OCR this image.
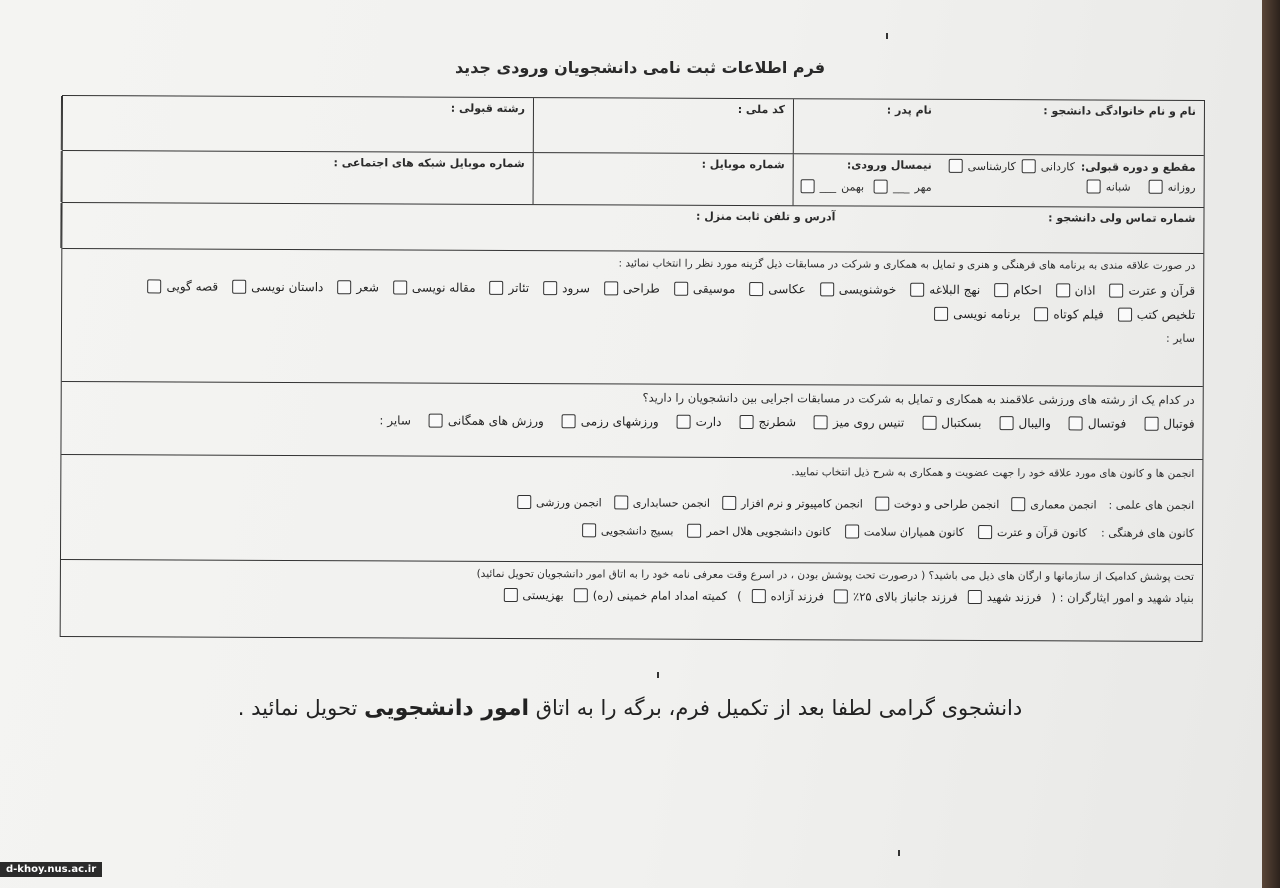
فرم اطلاعات ثبت نامی دانشجویان ورودی جدید
نام و نام خانوادگی دانشجو :
نام پدر :
کد ملی :
رشته قبولی :
مقطع و دوره قبولی:
کاردانی
کارشناسی
روزانه
شبانه
نیمسال ورودی:
مهر
___
بهمن
___
شماره موبایل :
شماره موبایل شبکه های اجتماعی :
شماره تماس ولی دانشجو :
آدرس و تلفن ثابت منزل :
در صورت علاقه مندی به برنامه های فرهنگی و هنری و تمایل به همکاری و شرکت در مسابقات ذیل گزینه مورد نظر را انتخاب نمائید :
قرآن و عترت
اذان
احکام
نهج البلاغه
خوشنویسی
عکاسی
موسیقی
طراحی
سرود
تئاتر
مقاله نویسی
شعر
داستان نویسی
قصه گویی
تلخیص کتب
فیلم کوتاه
برنامه نویسی
سایر :
در کدام یک از رشته های ورزشی علاقمند به همکاری و تمایل به شرکت در مسابقات اجرایی بین دانشجویان را دارید؟
فوتبال
فوتسال
والیبال
بسکتبال
تنیس روی میز
شطرنج
دارت
ورزشهای رزمی
ورزش های همگانی
سایر :
انجمن ها و کانون های مورد علاقه خود را جهت عضویت و همکاری به شرح ذیل انتخاب نمایید.
انجمن های علمی :
انجمن معماری
انجمن طراحی و دوخت
انجمن کامپیوتر و نرم افزار
انجمن حسابداری
انجمن ورزشی
کانون های فرهنگی :
کانون قرآن و عترت
کانون همیاران سلامت
کانون دانشجویی هلال احمر
بسیج دانشجویی
تحت پوشش کدامیک از سازمانها و ارگان های ذیل می باشید؟ ( درصورت تحت پوشش بودن ، در اسرع وقت معرفی نامه خود را به اتاق امور دانشجویان تحویل نمائید)
بنیاد شهید و امور ایثارگران : (
فرزند شهید
فرزند جانباز بالای ۲۵٪
فرزند آزاده
)
کمیته امداد امام خمینی (ره)
بهزیستی
دانشجوی گرامی لطفا بعد از تکمیل فرم، برگه را به اتاق امور دانشجویی تحویل نمائید .
d-khoy.nus.ac.ir
